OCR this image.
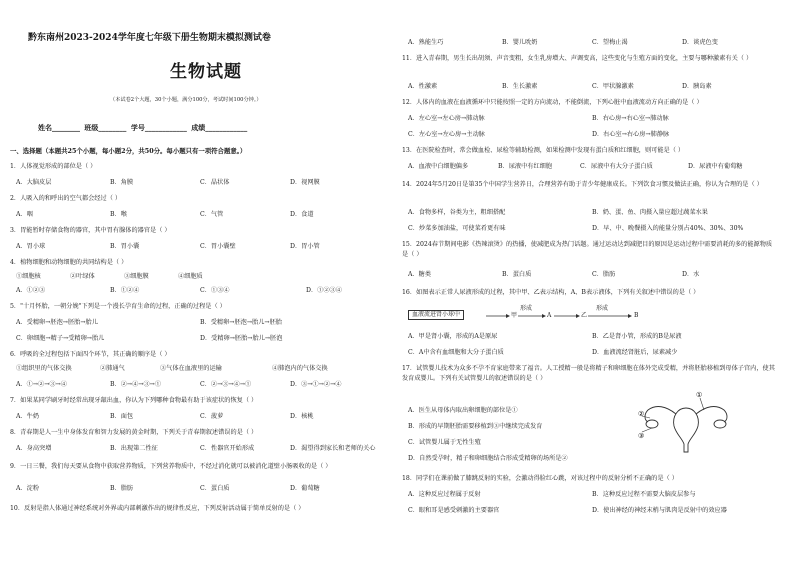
黔东南州2023-2024学年度七年级下册生物期末模拟测试卷
生物试题
（本试卷2个大题，30个小题，满分100分，考试时间100分钟。）
姓名________ 班级________ 学号____________ 成绩____________
一、选择题（本题共25个小题，每小题2分，共50分。每小题只有一项符合题意。）
1．人体视觉形成的部位是（ ）
A．大脑皮层	B．角膜	C．晶状体	D．视网膜
2．人吸入的和呼出的空气都会经过（ ）
A．咽	B．喉	C．气管	D．食道
3．胃能暂时存储食物的器官，其中胃有腺体的器官是（ ）
A．胃小球	B．胃小囊	C．胃小囊壁	D．胃小管
4．植物细胞和动物细胞的共同结构是（ ）
①细胞核	②叶绿体	③细胞膜	④细胞质
A．①②③	B．①②④	C．①③④	D．①②③④
5．"十月怀胎，一朝分娩"下列是一个漫长孕育生命的过程，正确的过程是（ ）
A．受精卵→胚泡→胚胎→胎儿	B．受精卵→胚泡→胎儿→胚胎
C．卵细胞→精子→受精卵→胎儿	D．受精卵→胚胎→胎儿→胚泡
6．呼吸的全过程包括下面四个环节，其正确的顺序是（ ）
①组织里的气体交换	②肺通气	③气体在血液里的运输	④肺泡内的气体交换
A．①→②→③→④	B．②→④→③→①	C．②→③→④→①	D．③→①→②→④
7．如果某同学刷牙时经常出现牙龈出血，你认为下列哪种食物最有助于该症状的恢复（ ）
A．牛奶	B．面包	C．菠萝	D．核桃
8．青春期是人一生中身体发育和智力发展的黄金时期，下列关于青春期叙述错误的是（ ）
A．身高突增	B．出现第二性征	C．性器官开始形成	D．渴望得到家长和老师的关心
9．一日三餐，我们每天要从食物中获取营养物质，下列营养物质中，不经过消化就可以被消化道壁小肠吸收的是（ ）
A．淀粉	B．脂肪	C．蛋白质	D．葡萄糖
10．反射是指人体通过神经系统对外界或内部刺激作出的规律性反应，下列反射活动属于简单反射的是（ ）
A．熟能生巧	B．婴儿吮奶	C．望梅止渴	D．谈虎色变
11．进入青春期，男生长出胡须、声音变粗，女生乳房增大、声调变高，这些变化与生殖方面的变化，主要与哪种激素有关（ ）
A．性激素	B．生长激素	C．甲状腺激素	D．胰岛素
12．人体内的血液在血液循环中只能按照一定的方向流动，不能倒流，下列心脏中血液流动方向正确的是（ ）
A．左心室→左心房→肺动脉	B．右心房→右心室→肺动脉
C．左心室→左心房→主动脉	D．右心室→右心房→肺静脉
13．在医院检查时，常会做血检、尿检等辅助检测，如果检测中发现有蛋白质和红细胞，则可能是（ ）
A．血液中白细胞偏多	B．尿液中有红细胞	C．尿液中有大分子蛋白质	D．尿液中有葡萄糖
14．2024年5月20日是第35个中国学生营养日，合理营养有助于青少年健康成长。下列饮食习惯及做法正确，你认为合理的是（ ）
A．食物多样，谷类为主，粗细搭配	B．奶、蛋、鱼、肉摄入量应超过蔬菜水果
C．炒菜多加油盐，可使菜肴更有味	D．早、中、晚餐摄入的能量分别占40%、30%、30%
15．2024春节期间电影《热辣滚烫》的热播，使减肥成为热门话题。通过运动达到减肥目的原因是运动过程中需要消耗的多的能源物质是（ ）
A．糖类	B．蛋白质	C．脂肪	D．水
16．如图表示正常人尿液形成的过程，其中甲、乙表示结构，A、B表示液体，下列有关叙述中错误的是（ ）
血液流进肾小球中	甲
形成
A	乙
形成
B
A．甲是肾小囊，形成的A是原尿	B．乙是肾小管，形成的B是尿液
C．A中含有血细胞和大分子蛋白质	D．血液流经肾脏后，尿素减少
17．试管婴儿技术为众多不孕不育家庭带来了福音。人工授精一般是将精子和卵细胞在体外完成受精，并将胚胎移植到母体子宫内，使其发育成婴儿。下列有关试管婴儿的叙述错误的是（ ）
A．医生从母体内取出卵细胞的部位是①
B．形成的早期胚胎需要移植到③中继续完成发育
C．试管婴儿属于无性生殖
D．自然受孕时，精子和卵细胞结合形成受精卵的场所是②
①
②
③
18．同学们在课前做了膝跳反射的实验，会激动得脸红心跳，对该过程中的反射分析不正确的是（ ）
A．这种反应过程属于反射	B．这种反应过程不需要大脑皮层参与
C．眼和耳是感受刺激的主要器官	D．使出神经的神经末梢与肌肉是反射中的效应器
